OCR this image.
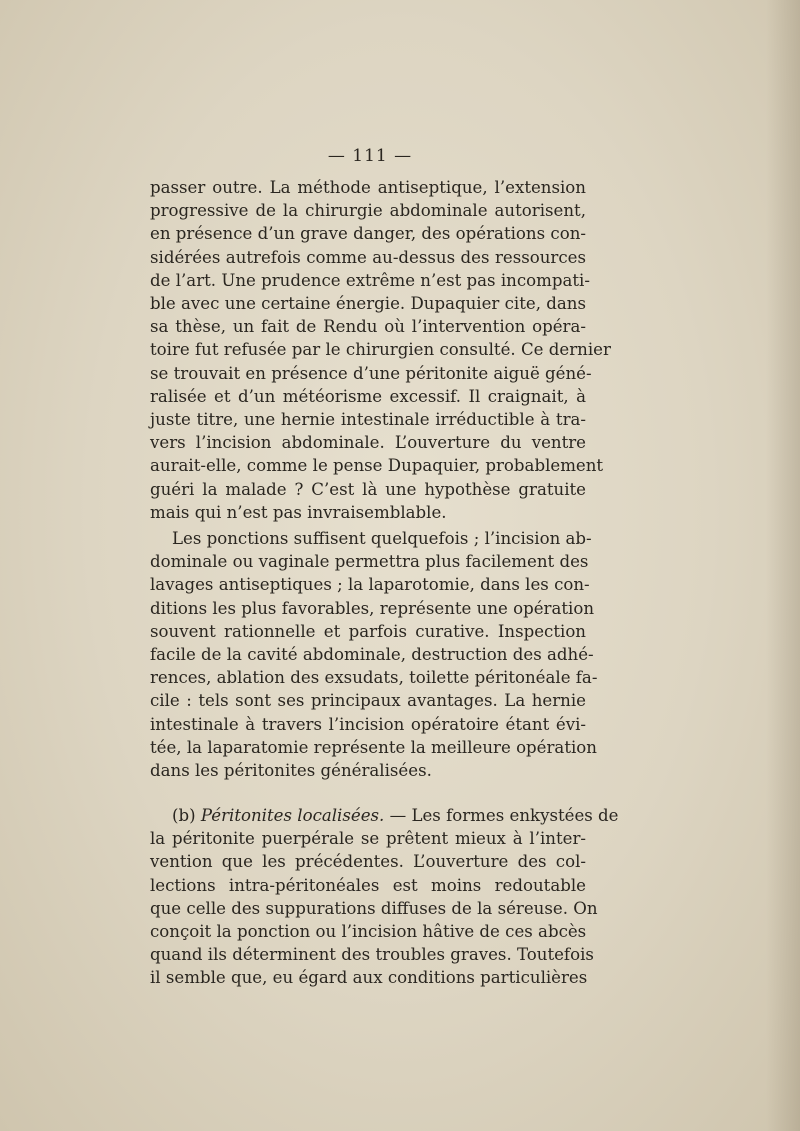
— 111 —

passer outre. La méthode antiseptique, l’extension
progressive de la chirurgie abdominale autorisent,
en présence d’un grave danger, des opérations con-
sidérées autrefois comme au-dessus des ressources
de l’art. Une prudence extrême n’est pas incompati-
ble avec une certaine énergie. Dupaquier cite, dans
sa thèse, un fait de Rendu où l’intervention opéra-
toire fut refusée par le chirurgien consulté. Ce dernier
se trouvait en présence d’une péritonite aiguë géné-
ralisée et d’un météorisme excessif. Il craignait, à
juste titre, une hernie intestinale irréductible à tra-
vers l’incision abdominale. L’ouverture du ventre
aurait-elle, comme le pense Dupaquier, probablement
guéri la malade ? C’est là une hypothèse gratuite
mais qui n’est pas invraisemblable.
Les ponctions suffisent quelquefois ; l’incision ab-
dominale ou vaginale permettra plus facilement des
lavages antiseptiques ; la laparotomie, dans les con-
ditions les plus favorables, représente une opération
souvent rationnelle et parfois curative. Inspection
facile de la cavité abdominale, destruction des adhé-
rences, ablation des exsudats, toilette péritonéale fa-
cile : tels sont ses principaux avantages. La hernie
intestinale à travers l’incision opératoire étant évi-
tée, la laparatomie représente la meilleure opération
dans les péritonites généralisées.
(b) Péritonites localisées. — Les formes enkystées de
la péritonite puerpérale se prêtent mieux à l’inter-
vention que les précédentes. L’ouverture des col-
lections intra-péritonéales est moins redoutable
que celle des suppurations diffuses de la séreuse. On
conçoit la ponction ou l’incision hâtive de ces abcès
quand ils déterminent des troubles graves. Toutefois
il semble que, eu égard aux conditions particulières
